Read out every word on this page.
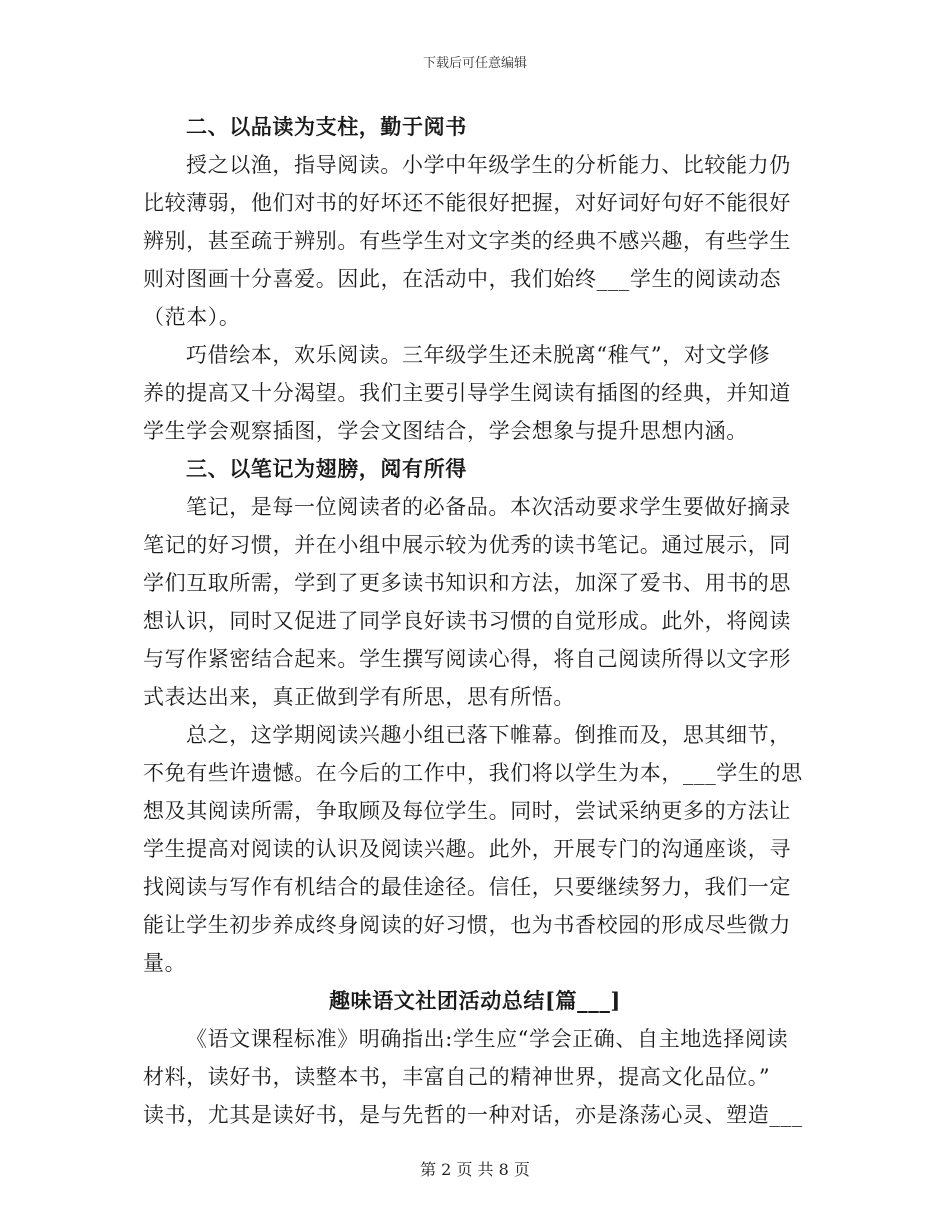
下载后可任意编辑
二、以品读为支柱，勤于阅书
授之以渔，指导阅读。小学中年级学生的分析能力、比较能力仍
比较薄弱，他们对书的好坏还不能很好把握，对好词好句好不能很好
辨别，甚至疏于辨别。有些学生对文字类的经典不感兴趣，有些学生
则对图画十分喜爱。因此，在活动中，我们始终___学生的阅读动态
（范本）。
巧借绘本，欢乐阅读。三年级学生还未脱离“稚气”，对文学修
养的提高又十分渴望。我们主要引导学生阅读有插图的经典，并知道
学生学会观察插图，学会文图结合，学会想象与提升思想内涵。
三、以笔记为翅膀，阅有所得
笔记，是每一位阅读者的必备品。本次活动要求学生要做好摘录
笔记的好习惯，并在小组中展示较为优秀的读书笔记。通过展示，同
学们互取所需，学到了更多读书知识和方法，加深了爱书、用书的思
想认识，同时又促进了同学良好读书习惯的自觉形成。此外，将阅读
与写作紧密结合起来。学生撰写阅读心得，将自己阅读所得以文字形
式表达出来，真正做到学有所思，思有所悟。
总之，这学期阅读兴趣小组已落下帷幕。倒推而及，思其细节，
不免有些许遗憾。在今后的工作中，我们将以学生为本，___学生的思
想及其阅读所需，争取顾及每位学生。同时，尝试采纳更多的方法让
学生提高对阅读的认识及阅读兴趣。此外，开展专门的沟通座谈，寻
找阅读与写作有机结合的最佳途径。信任，只要继续努力，我们一定
能让学生初步养成终身阅读的好习惯，也为书香校园的形成尽些微力
量。
趣味语文社团活动总结[篇___]
《语文课程标准》明确指出:学生应“学会正确、自主地选择阅读
材料，读好书，读整本书，丰富自己的精神世界，提高文化品位。”
读书，尤其是读好书，是与先哲的一种对话，亦是涤荡心灵、塑造___
第 2 页 共 8 页
